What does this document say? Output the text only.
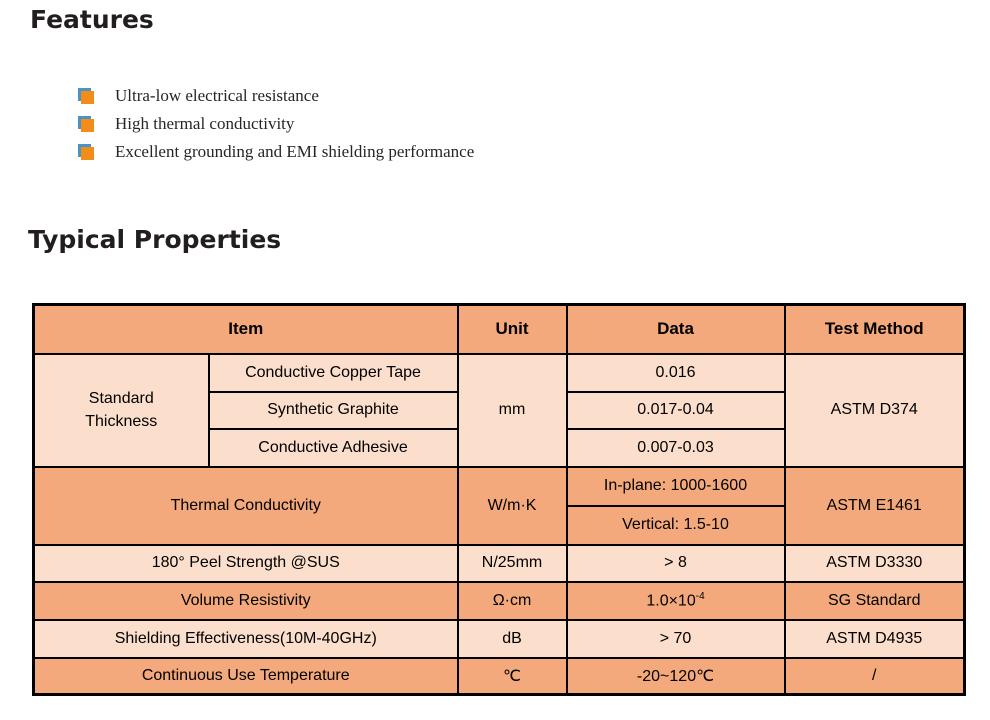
Features
Ultra-low electrical resistance
High thermal conductivity
Excellent grounding and EMI shielding performance
Typical Properties
Item		Unit	Data	Test Method

Standard Thickness	Conductive Copper Tape	mm	0.016	ASTM D374
	Synthetic Graphite		0.017-0.04	
	Conductive Adhesive		0.007-0.03	
Thermal Conductivity		W/m·K	In-plane: 1000-1600	ASTM E1461
			Vertical: 1.5-10	
180° Peel Strength @SUS		N/25mm	> 8	ASTM D3330
Volume Resistivity		Ω·cm	$1.0\times 10^{-4}$	SG Standard
Shielding Effectiveness(10M-40GHz)		dB	> 70	ASTM D4935
Continuous Use Temperature		℃	-20~120℃	/
